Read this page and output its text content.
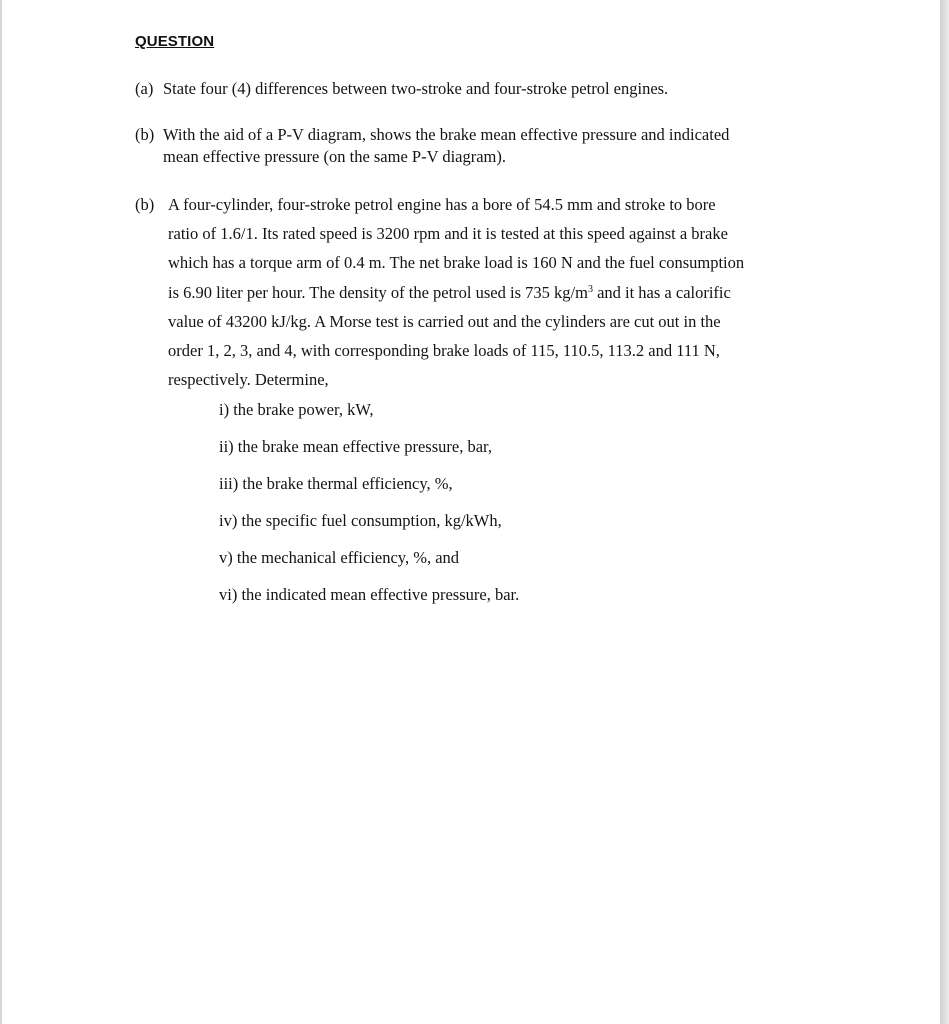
QUESTION
(a) State four (4) differences between two-stroke and four-stroke petrol engines.
(b) With the aid of a P-V diagram, shows the brake mean effective pressure and indicated
mean effective pressure (on the same P-V diagram).
(b) A four-cylinder, four-stroke petrol engine has a bore of 54.5 mm and stroke to bore
ratio of 1.6/1. Its rated speed is 3200 rpm and it is tested at this speed against a brake
which has a torque arm of 0.4 m. The net brake load is 160 N and the fuel consumption
is 6.90 liter per hour. The density of the petrol used is 735 $kg/m^3$ and it has a calorific
value of 43200 kJ/kg. A Morse test is carried out and the cylinders are cut out in the
order 1, 2, 3, and 4, with corresponding brake loads of 115, 110.5, 113.2 and 111 N,
respectively. Determine,
i) the brake power, kW,
ii) the brake mean effective pressure, bar,
iii) the brake thermal efficiency, %,
iv) the specific fuel consumption, kg/kWh,
v) the mechanical efficiency, %, and
vi) the indicated mean effective pressure, bar.
